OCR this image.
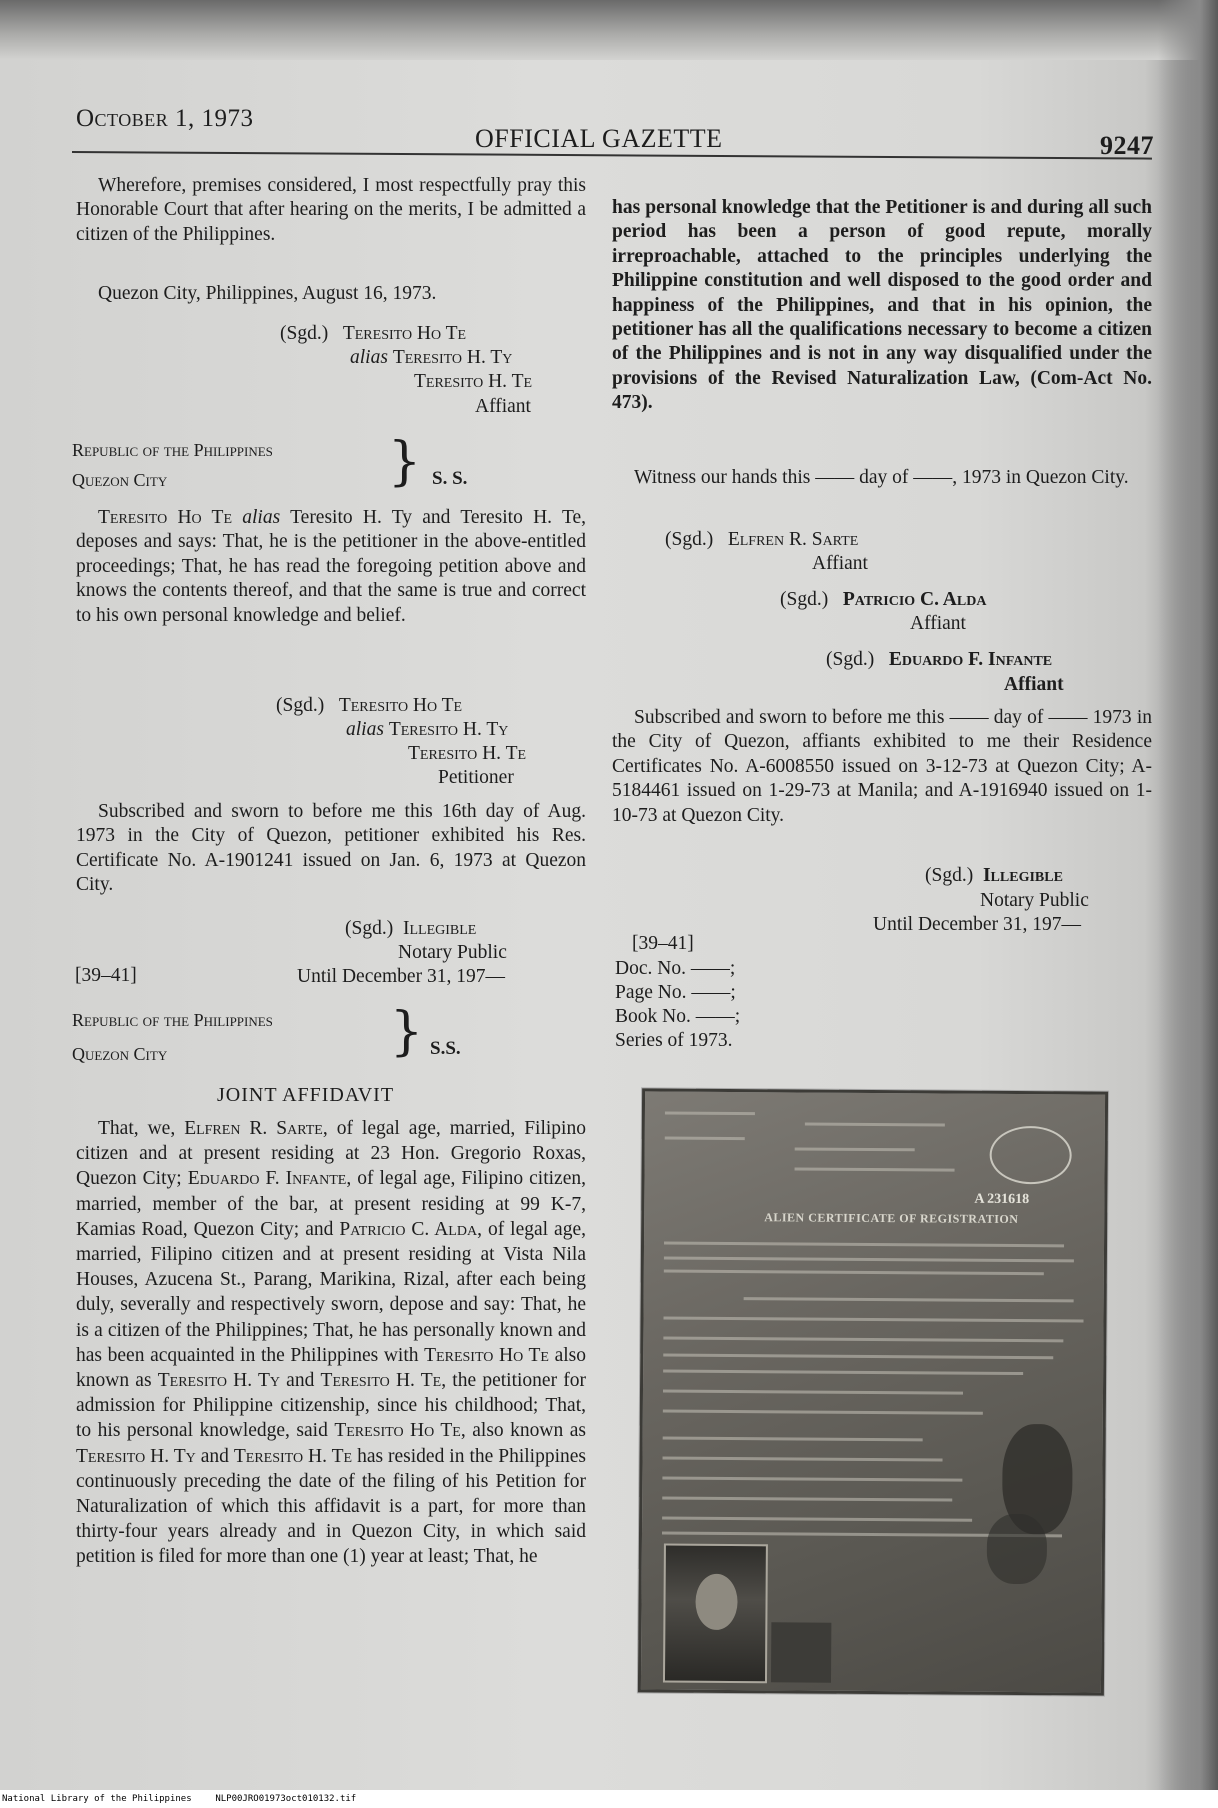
October 1, 1973
OFFICIAL GAZETTE	9247

Wherefore, premises considered, I most respectfully pray this Honorable Court that after hearing on the merits, I be admitted a citizen of the Philippines.

Quezon City, Philippines, August 16, 1973.

(Sgd.) Teresito Ho Te
alias Teresito H. Ty
Teresito H. Te
Affiant
Republic of the Philippines
Quezon City	} S. S.

Teresito Ho Te alias Teresito H. Ty and Teresito H. Te, deposes and says: That, he is the petitioner in the above-entitled proceedings; That, he has read the foregoing petition above and knows the contents thereof, and that the same is true and correct to his own personal knowledge and belief.

(Sgd.) Teresito Ho Te
alias Teresito H. Ty
Teresito H. Te
Petitioner

Subscribed and sworn to before me this 16th day of Aug. 1973 in the City of Quezon, petitioner exhibited his Res. Certificate No. A-1901241 issued on Jan. 6, 1973 at Quezon City.

(Sgd.) Illegible
Notary Public
[39–41]	Until December 31, 197—
Republic of the Philippines
Quezon City	} S.S.
JOINT AFFIDAVIT

That, we, Elfren R. Sarte, of legal age, married, Filipino citizen and at present residing at 23 Hon. Gregorio Roxas, Quezon City; Eduardo F. Infante, of legal age, Filipino citizen, married, member of the bar, at present residing at 99 K-7, Kamias Road, Quezon City; and Patricio C. Alda, of legal age, married, Filipino citizen and at present residing at Vista Nila Houses, Azucena St., Parang, Marikina, Rizal, after each being duly, severally and respectively sworn, depose and say: That, he is a citizen of the Philippines; That, he has personally known and has been acquainted in the Philippines with Teresito Ho Te also known as Teresito H. Ty and Teresito H. Te, the petitioner for admission for Philippine citizenship, since his childhood; That, to his personal knowledge, said Teresito Ho Te, also known as Teresito H. Ty and Teresito H. Te has resided in the Philippines continuously preceding the date of the filing of his Petition for Naturalization of which this affidavit is a part, for more than thirty-four years already and in Quezon City, in which said petition is filed for more than one (1) year at least; That, he

has personal knowledge that the Petitioner is and during all such period has been a person of good repute, morally irreproachable, attached to the principles underlying the Philippine constitution and well disposed to the good order and happiness of the Philippines, and that in his opinion, the petitioner has all the qualifications necessary to become a citizen of the Philippines and is not in any way disqualified under the provisions of the Revised Naturalization Law, (Com-Act No. 473).

Witness our hands this —— day of ——, 1973 in Quezon City.

(Sgd.) Elfren R. Sarte
Affiant
(Sgd.) Patricio C. Alda
Affiant
(Sgd.) Eduardo F. Infante
Affiant

Subscribed and sworn to before me this —— day of —— 1973 in the City of Quezon, affiants exhibited to me their Residence Certificates No. A-6008550 issued on 3-12-73 at Quezon City; A-5184461 issued on 1-29-73 at Manila; and A-1916940 issued on 1-10-73 at Quezon City.

(Sgd.) Illegible
Notary Public
Until December 31, 197—
[39–41]
Doc. No. ——;
Page No. ——;
Book No. ——;
Series of 1973.
A 231618
ALIEN CERTIFICATE OF REGISTRATION
National Library of the Philippines	NLP00JRO01973oct010132.tif
